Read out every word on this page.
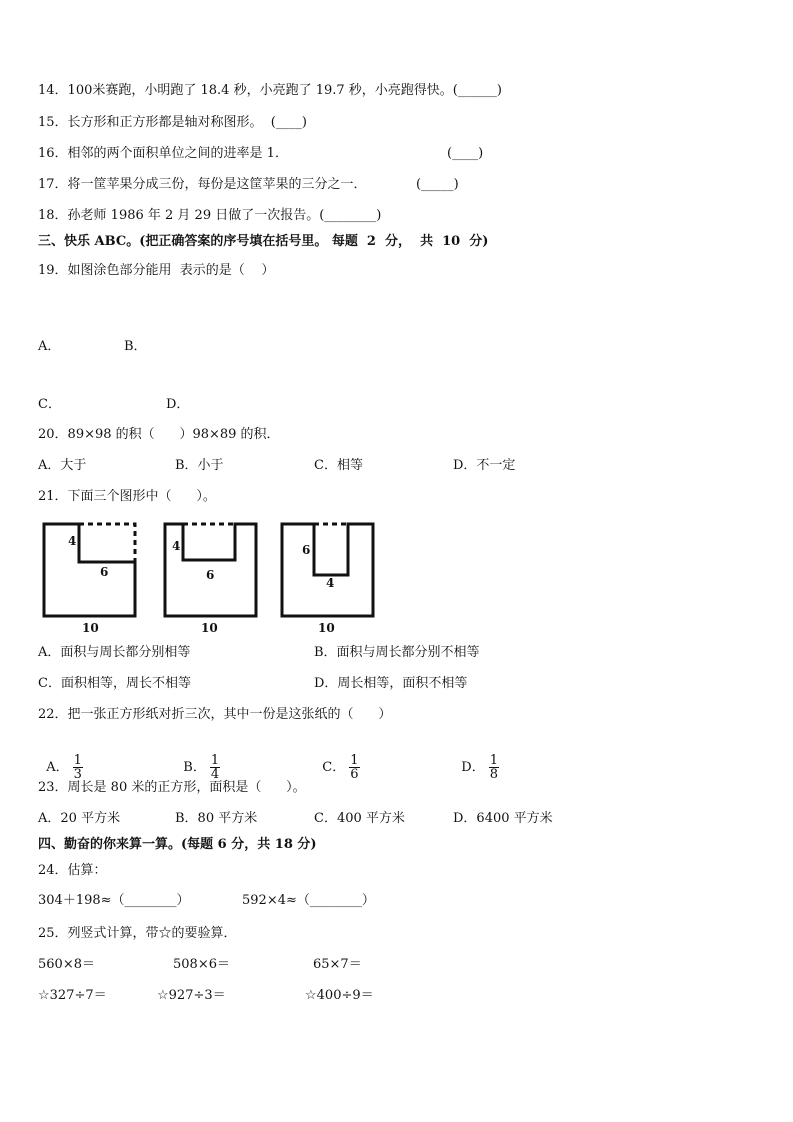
14．100米赛跑，小明跑了 18.4 秒，小亮跑了 19.7 秒，小亮跑得快。(______)
15．长方形和正方形都是轴对称图形。  (____)
16．相邻的两个面积单位之间的进率是 1．	(____)
17．将一筐苹果分成三份，每份是这筐苹果的三分之一．	(_____)
18．孙老师 1986 年 2 月 29 日做了一次报告。(________)
三、快乐 ABC。(把正确答案的序号填在括号里。 每题  2  分，  共  10  分)
19．如图涂色部分能用  表示的是（    ）
A．	B．
C．	D．
20．89×98 的积（      ）98×89 的积．
A．大于	B．小于	C．相等	D．不一定
21．下面三个图形中（      ）。
4
6
10
4
6
10
6
4
10
A．面积与周长都分别相等	B．面积与周长都分别不相等
C．面积相等，周长不相等	D．周长相等，面积不相等
22．把一张正方形纸对折三次，其中一份是这张纸的（      ）

A． $\frac{1}{3}$	B． $\frac{1}{4}$	C． $\frac{1}{6}$	D． $\frac{1}{8}$

23．周长是 80 米的正方形，面积是（      ）。
A．20 平方米	B．80 平方米	C．400 平方米	D．6400 平方米
四、勤奋的你来算一算。(每题 6 分，共 18 分)
24．估算：
304＋198≈（________）	592×4≈（________）
25．列竖式计算，带☆的要验算．
560×8＝	508×6＝	65×7＝
☆327÷7＝	☆927÷3＝	☆400÷9＝
